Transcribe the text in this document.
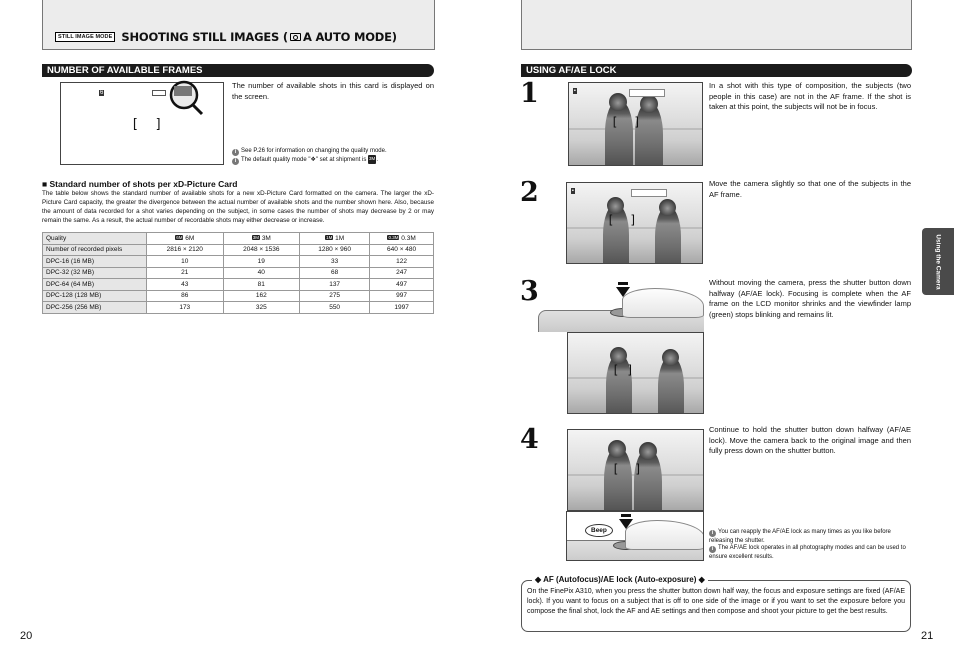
STILL IMAGE MODE SHOOTING STILL IMAGES ( A AUTO MODE)
NUMBER OF AVAILABLE FRAMES
6
[ ]
The number of available shots in this card is displayed on the screen.
i See P.26 for information on changing the quality mode.
i The default quality mode "❖" set at shipment is 3M.
■ Standard number of shots per xD-Picture Card
The table below shows the standard number of available shots for a new xD-Picture Card formatted on the camera. The larger the xD-Picture Card capacity, the greater the divergence between the actual number of available shots and the number shown here. Also, because the amount of data recorded for a shot varies depending on the subject, in some cases the number of shots may decrease by 2 or may remain the same. As a result, the actual number of recordable shots may either decrease or increase.
Quality	6M 6M	3M 3M	1M 1M	0.3M 0.3M
Number of recorded pixels	2816 × 2120	2048 × 1536	1280 × 960	640 × 480
DPC-16 (16 MB)	10	19	33	122
DPC-32 (32 MB)	21	40	68	247
DPC-64 (64 MB)	43	81	137	497
DPC-128 (128 MB)	86	162	275	997
DPC-256 (256 MB)	173	325	550	1997
20
USING AF/AE LOCK
21
1	▪
[ ]
In a shot with this type of composition, the subjects (two people in this case) are not in the AF frame. If the shot is taken at this point, the subjects will not be in focus.
2	▪
[ ]
Move the camera slightly so that one of the subjects in the AF frame.
3
[ ]
Without moving the camera, press the shutter button down halfway (AF/AE lock). Focusing is complete when the AF frame on the LCD monitor shrinks and the viewfinder lamp (green) stops blinking and remains lit.
4
[ ]
Beep
Continue to hold the shutter button down halfway (AF/AE lock). Move the camera back to the original image and then fully press down on the shutter button.
i You can reapply the AF/AE lock as many times as you like before releasing the shutter.
i The AF/AE lock operates in all photography modes and can be used to ensure excellent results.
◆ AF (Autofocus)/AE lock (Auto-exposure) ◆
On the FinePix A310, when you press the shutter button down half way, the focus and exposure settings are fixed (AF/AE lock). If you want to focus on a subject that is off to one side of the image or if you want to set the exposure before you compose the final shot, lock the AF and AE settings and then compose and shoot your picture to get the best results.
Using the Camera
